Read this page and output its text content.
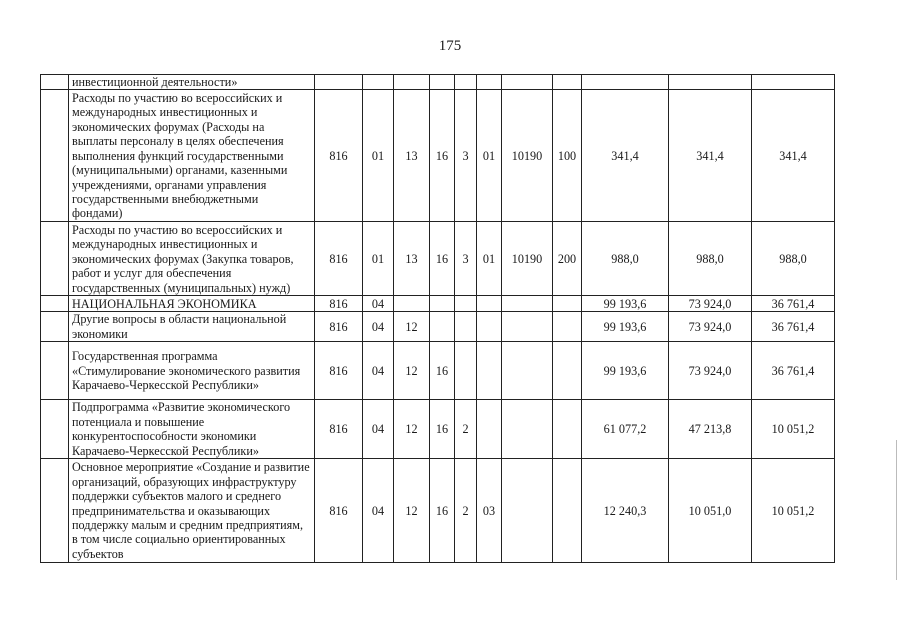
175
	инвестиционной деятельности»											
	Расходы по участию во всероссийских и международных инвестиционных и экономических форумах (Расходы на выплаты персоналу в целях обеспечения выполнения функций государственными (муниципальными) органами, казенными учреждениями, органами управления государственными внебюджетными фондами)	816	01	13	16	3	01	10190	100	341,4	341,4	341,4
	Расходы по участию во всероссийских и международных инвестиционных и экономических форумах (Закупка товаров, работ и услуг для обеспечения государственных (муниципальных) нужд)	816	01	13	16	3	01	10190	200	988,0	988,0	988,0
	НАЦИОНАЛЬНАЯ ЭКОНОМИКА	816	04							99 193,6	73 924,0	36 761,4
	Другие вопросы в области национальной экономики	816	04	12						99 193,6	73 924,0	36 761,4
	Государственная программа «Стимулирование экономического развития Карачаево-Черкесской Республики»	816	04	12	16					99 193,6	73 924,0	36 761,4
	Подпрограмма «Развитие экономического потенциала и повышение конкурентоспособности экономики Карачаево-Черкесской Республики»	816	04	12	16	2				61 077,2	47 213,8	10 051,2
	Основное мероприятие «Создание и развитие организаций, образующих инфраструктуру поддержки субъектов малого и среднего предпринимательства и оказывающих поддержку малым и средним предприятиям, в том числе социально ориентированных субъектов	816	04	12	16	2	03			12 240,3	10 051,0	10 051,2
